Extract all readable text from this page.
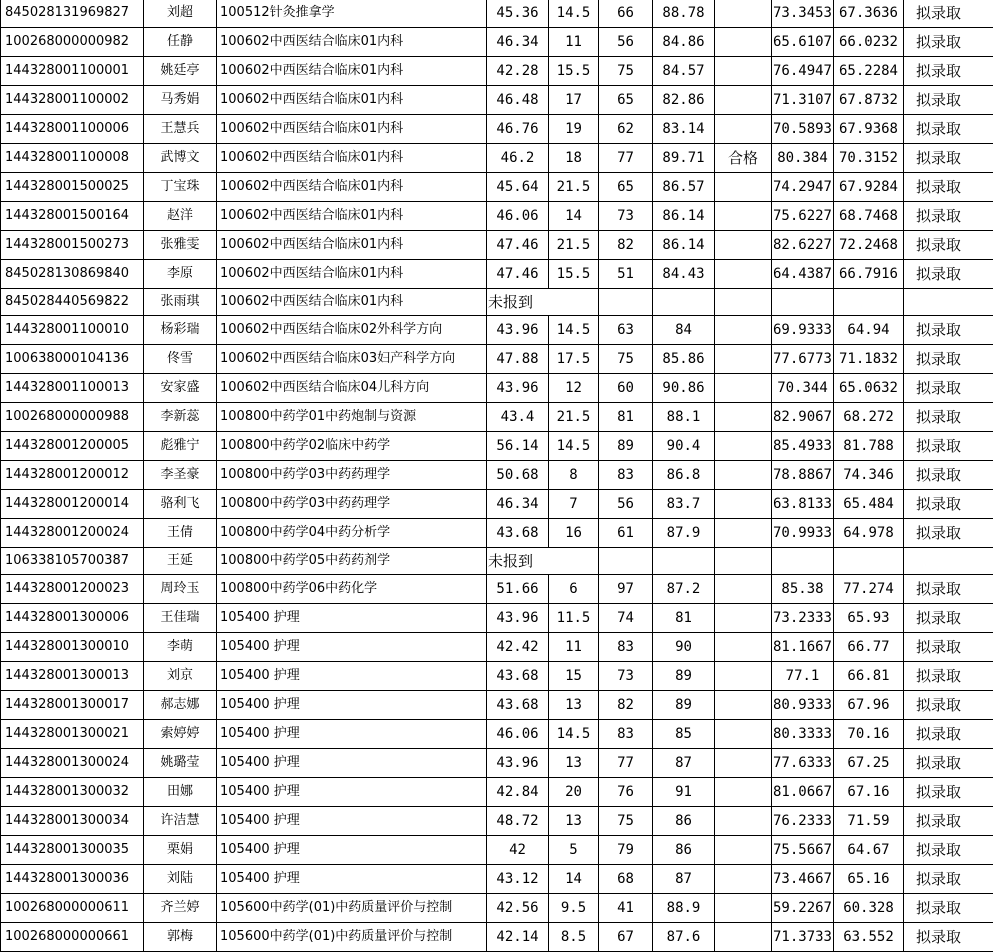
845028131969827	刘超	100512针灸推拿学	45.36	14.5	66	88.78		73.3453	67.3636	拟录取
100268000000982	任静	100602中西医结合临床01内科	46.34	11	56	84.86		65.6107	66.0232	拟录取
144328001100001	姚廷亭	100602中西医结合临床01内科	42.28	15.5	75	84.57		76.4947	65.2284	拟录取
144328001100002	马秀娟	100602中西医结合临床01内科	46.48	17	65	82.86		71.3107	67.8732	拟录取
144328001100006	王慧兵	100602中西医结合临床01内科	46.76	19	62	83.14		70.5893	67.9368	拟录取
144328001100008	武博文	100602中西医结合临床01内科	46.2	18	77	89.71	合格	80.384	70.3152	拟录取
144328001500025	丁宝珠	100602中西医结合临床01内科	45.64	21.5	65	86.57		74.2947	67.9284	拟录取
144328001500164	赵洋	100602中西医结合临床01内科	46.06	14	73	86.14		75.6227	68.7468	拟录取
144328001500273	张雅雯	100602中西医结合临床01内科	47.46	21.5	82	86.14		82.6227	72.2468	拟录取
845028130869840	李原	100602中西医结合临床01内科	47.46	15.5	51	84.43		64.4387	66.7916	拟录取
845028440569822	张雨琪	100602中西医结合临床01内科	未报到							
144328001100010	杨彩瑞	100602中西医结合临床02外科学方向	43.96	14.5	63	84		69.9333	64.94	拟录取
100638000104136	佟雪	100602中西医结合临床03妇产科学方向	47.88	17.5	75	85.86		77.6773	71.1832	拟录取
144328001100013	安家盛	100602中西医结合临床04儿科方向	43.96	12	60	90.86		70.344	65.0632	拟录取
100268000000988	李新蕊	100800中药学01中药炮制与资源	43.4	21.5	81	88.1		82.9067	68.272	拟录取
144328001200005	彪雅宁	100800中药学02临床中药学	56.14	14.5	89	90.4		85.4933	81.788	拟录取
144328001200012	李圣豪	100800中药学03中药药理学	50.68	8	83	86.8		78.8867	74.346	拟录取
144328001200014	骆利飞	100800中药学03中药药理学	46.34	7	56	83.7		63.8133	65.484	拟录取
144328001200024	王倩	100800中药学04中药分析学	43.68	16	61	87.9		70.9933	64.978	拟录取
106338105700387	王延	100800中药学05中药药剂学	未报到							
144328001200023	周玲玉	100800中药学06中药化学	51.66	6	97	87.2		85.38	77.274	拟录取
144328001300006	王佳瑞	105400 护理	43.96	11.5	74	81		73.2333	65.93	拟录取
144328001300010	李萌	105400 护理	42.42	11	83	90		81.1667	66.77	拟录取
144328001300013	刘京	105400 护理	43.68	15	73	89		77.1	66.81	拟录取
144328001300017	郝志娜	105400 护理	43.68	13	82	89		80.9333	67.96	拟录取
144328001300021	索婷婷	105400 护理	46.06	14.5	83	85		80.3333	70.16	拟录取
144328001300024	姚璐莹	105400 护理	43.96	13	77	87		77.6333	67.25	拟录取
144328001300032	田娜	105400 护理	42.84	20	76	91		81.0667	67.16	拟录取
144328001300034	许洁慧	105400 护理	48.72	13	75	86		76.2333	71.59	拟录取
144328001300035	栗娟	105400 护理	42	5	79	86		75.5667	64.67	拟录取
144328001300036	刘陆	105400 护理	43.12	14	68	87		73.4667	65.16	拟录取
100268000000611	齐兰婷	105600中药学(01)中药质量评价与控制	42.56	9.5	41	88.9		59.2267	60.328	拟录取
100268000000661	郭梅	105600中药学(01)中药质量评价与控制	42.14	8.5	67	87.6		71.3733	63.552	拟录取
